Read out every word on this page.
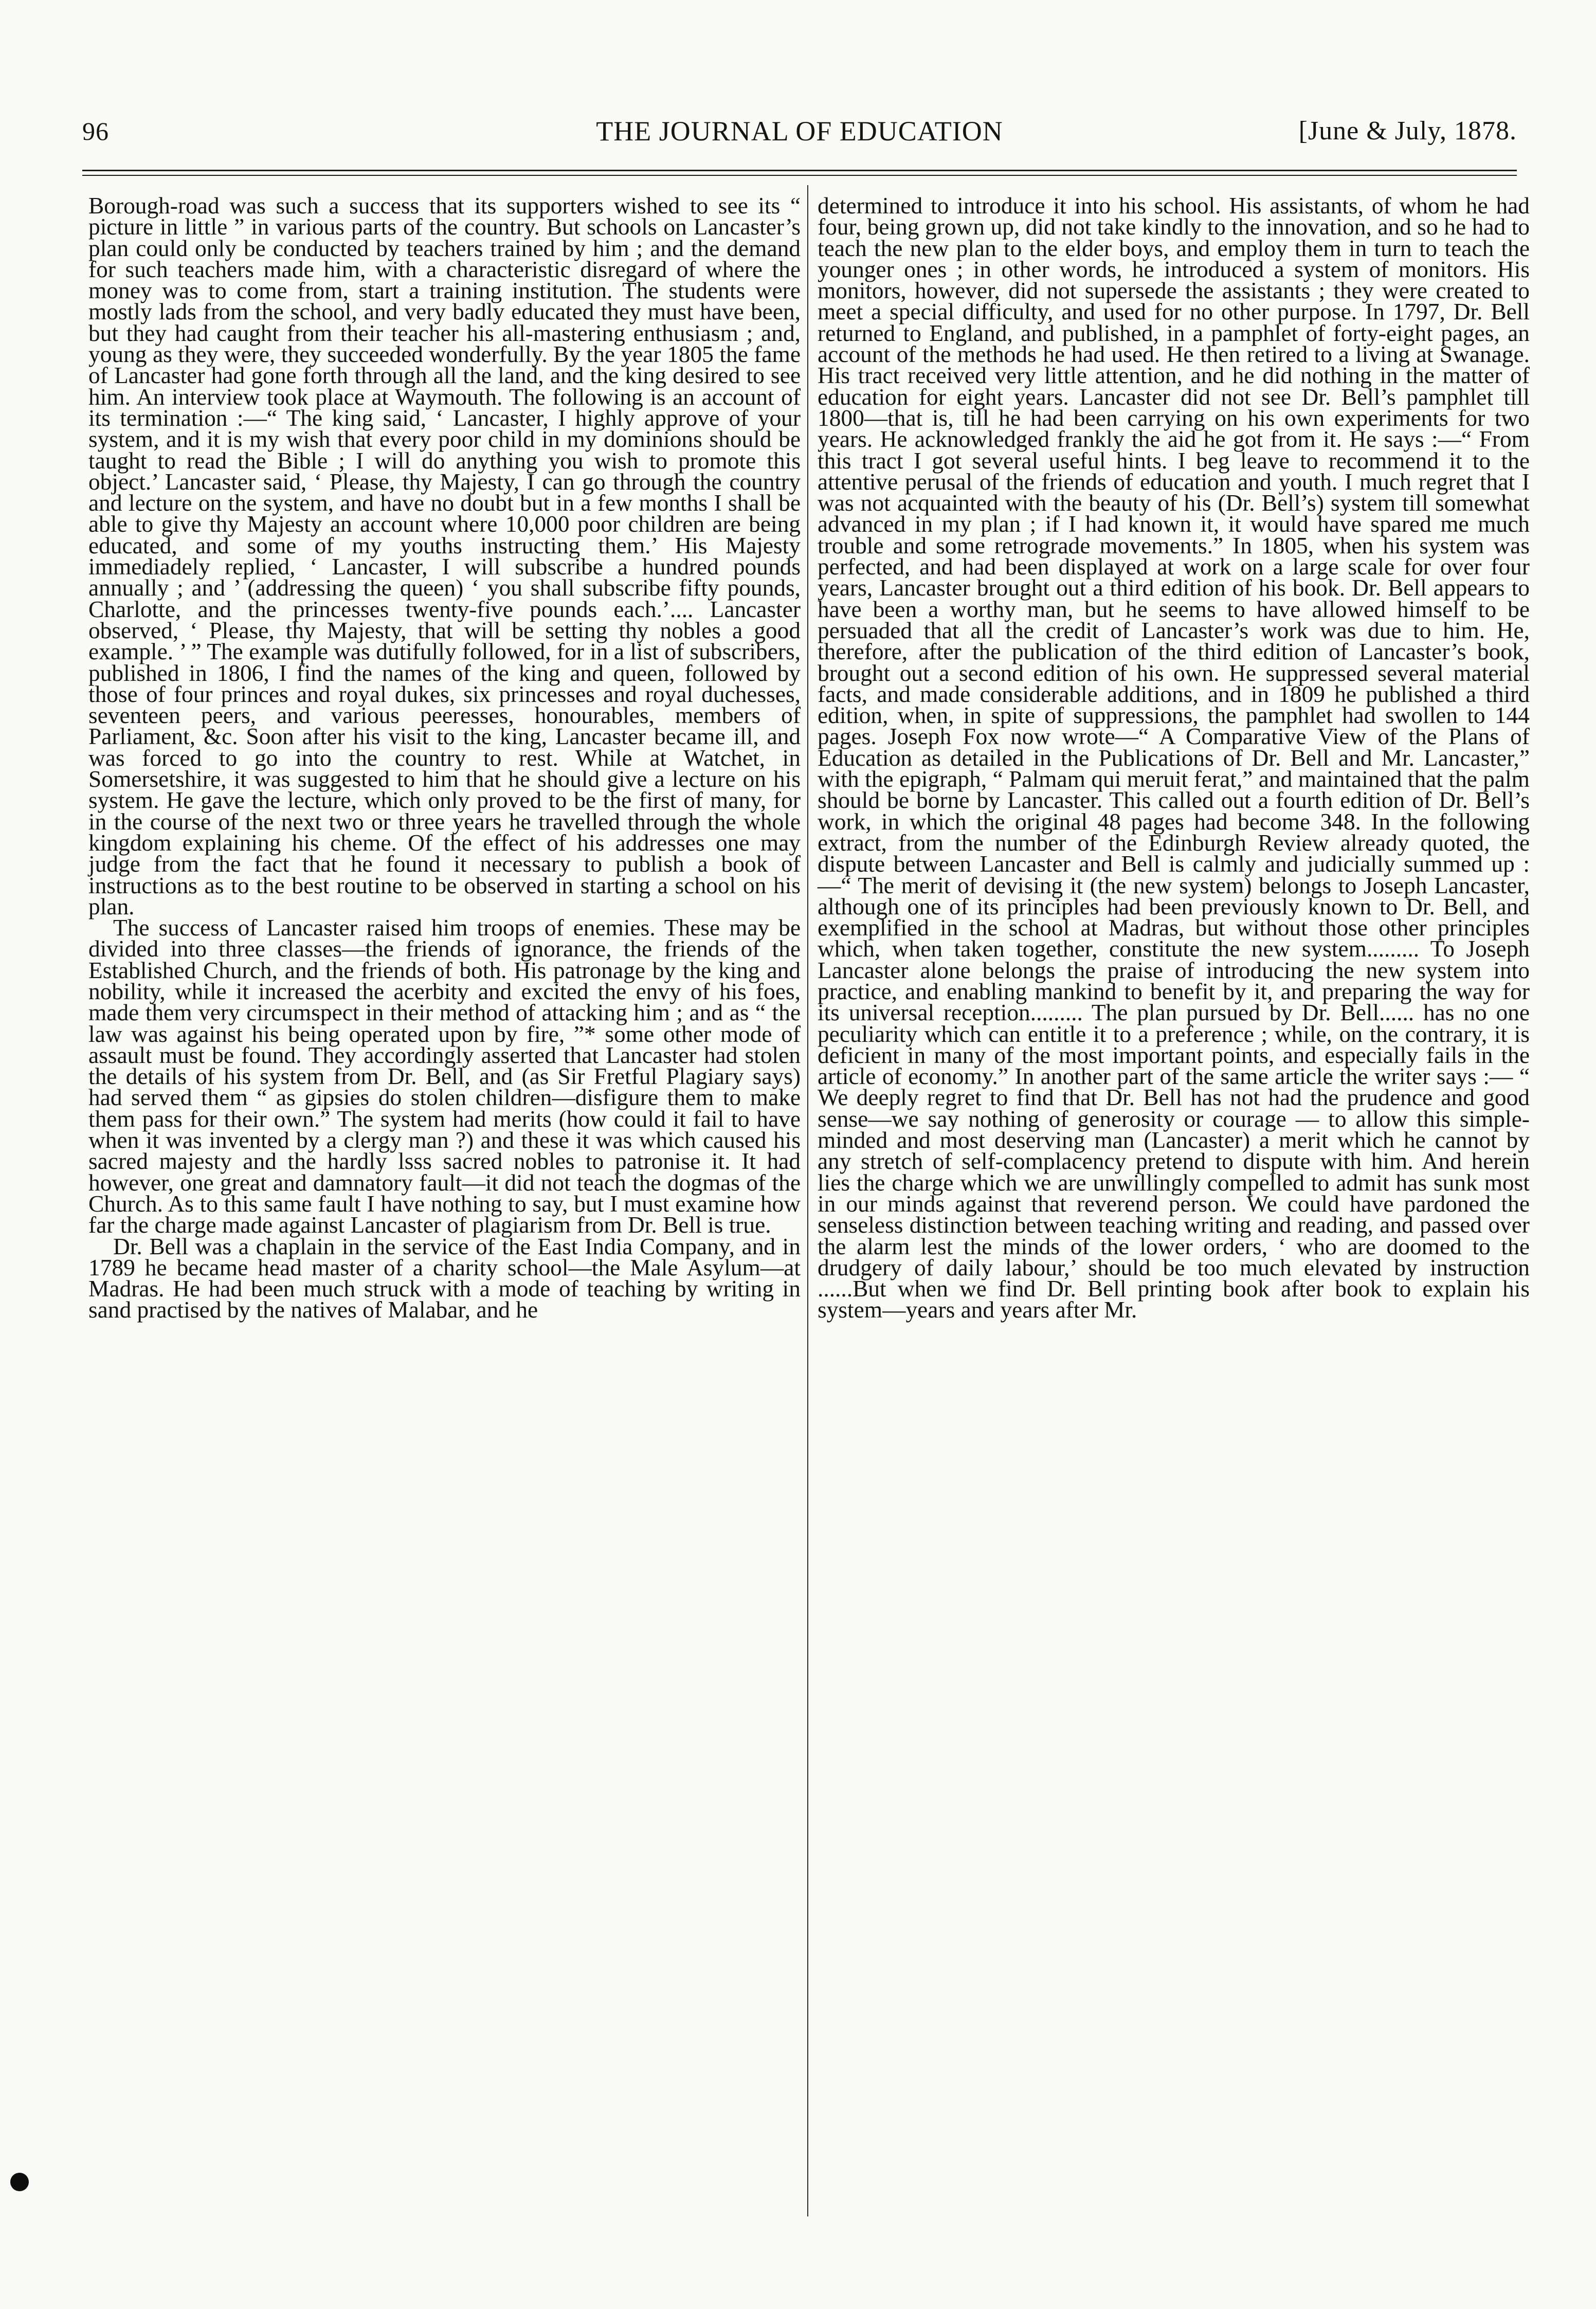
96	THE JOURNAL OF EDUCATION	[June & July, 1878.

Borough-road was such a success that its supporters wished to see its “ picture in little ” in various parts of the country. But schools on Lancaster’s plan could only be conducted by teachers trained by him ; and the demand for such teachers made him, with a characteristic disregard of where the money was to come from, start a training institution. The students were mostly lads from the school, and very badly educated they must have been, but they had caught from their teacher his all-mastering enthusiasm ; and, young as they were, they succeeded wonderfully. By the year 1805 the fame of Lancaster had gone forth through all the land, and the king desired to see him. An interview took place at Waymouth. The following is an account of its termination :—“ The king said, ‘ Lancaster, I highly approve of your system, and it is my wish that every poor child in my dominions should be taught to read the Bible ; I will do anything you wish to promote this object.’ Lancaster said, ‘ Please, thy Majesty, I can go through the country and lecture on the system, and have no doubt but in a few months I shall be able to give thy Majesty an account where 10,000 poor children are being educated, and some of my youths instructing them.’ His Majesty immediadely replied, ‘ Lancaster, I will subscribe a hundred pounds annually ; and ’ (addressing the queen) ‘ you shall subscribe fifty pounds, Charlotte, and the princesses twenty-five pounds each.’.... Lancaster observed, ‘ Please, thy Majesty, that will be setting thy nobles a good example. ’ ” The example was dutifully followed, for in a list of subscribers, published in 1806, I find the names of the king and queen, followed by those of four princes and royal dukes, six princesses and royal duchesses, seventeen peers, and various peeresses, honourables, members of Parliament, &c. Soon after his visit to the king, Lancaster became ill, and was forced to go into the country to rest. While at Watchet, in Somersetshire, it was suggested to him that he should give a lecture on his system. He gave the lecture, which only proved to be the first of many, for in the course of the next two or three years he travelled through the whole kingdom explaining his cheme. Of the effect of his addresses one may judge from the fact that he found it necessary to publish a book of instructions as to the best routine to be observed in starting a school on his plan.

The success of Lancaster raised him troops of enemies. These may be divided into three classes—the friends of ignorance, the friends of the Established Church, and the friends of both. His patronage by the king and nobility, while it increased the acerbity and excited the envy of his foes, made them very circumspect in their method of attacking him ; and as “ the law was against his being operated upon by fire, ”* some other mode of assault must be found. They accordingly asserted that Lancaster had stolen the details of his system from Dr. Bell, and (as Sir Fretful Plagiary says) had served them “ as gipsies do stolen children—disfigure them to make them pass for their own.” The system had merits (how could it fail to have when it was invented by a clergy man ?) and these it was which caused his sacred majesty and the hardly lsss sacred nobles to patronise it. It had however, one great and damnatory fault—it did not teach the dogmas of the Church. As to this same fault I have nothing to say, but I must examine how far the charge made against Lancaster of plagiarism from Dr. Bell is true.

Dr. Bell was a chaplain in the service of the East India Company, and in 1789 he became head master of a charity school—the Male Asylum—at Madras. He had been much struck with a mode of teaching by writing in sand practised by the natives of Malabar, and he

determined to introduce it into his school. His assistants, of whom he had four, being grown up, did not take kindly to the innovation, and so he had to teach the new plan to the elder boys, and employ them in turn to teach the younger ones ; in other words, he introduced a system of monitors. His monitors, however, did not supersede the assistants ; they were created to meet a special difficulty, and used for no other purpose. In 1797, Dr. Bell returned to England, and published, in a pamphlet of forty-eight pages, an account of the methods he had used. He then retired to a living at Swanage. His tract received very little attention, and he did nothing in the matter of education for eight years. Lancaster did not see Dr. Bell’s pamphlet till 1800—that is, till he had been carrying on his own experiments for two years. He acknowledged frankly the aid he got from it. He says :—“ From this tract I got several useful hints. I beg leave to recommend it to the attentive perusal of the friends of education and youth. I much regret that I was not acquainted with the beauty of his (Dr. Bell’s) system till somewhat advanced in my plan ; if I had known it, it would have spared me much trouble and some retrograde movements.” In 1805, when his system was perfected, and had been displayed at work on a large scale for over four years, Lancaster brought out a third edition of his book. Dr. Bell appears to have been a worthy man, but he seems to have allowed himself to be persuaded that all the credit of Lancaster’s work was due to him. He, therefore, after the publication of the third edition of Lancaster’s book, brought out a second edition of his own. He suppressed several material facts, and made considerable additions, and in 1809 he published a third edition, when, in spite of suppressions, the pamphlet had swollen to 144 pages. Joseph Fox now wrote—“ A Comparative View of the Plans of Education as detailed in the Publications of Dr. Bell and Mr. Lancaster,” with the epigraph, “ Palmam qui meruit ferat,” and maintained that the palm should be borne by Lancaster. This called out a fourth edition of Dr. Bell’s work, in which the original 48 pages had become 348. In the following extract, from the number of the Edinburgh Review already quoted, the dispute between Lancaster and Bell is calmly and judicially summed up :—“ The merit of devising it (the new system) belongs to Joseph Lancaster, although one of its principles had been previously known to Dr. Bell, and exemplified in the school at Madras, but without those other principles which, when taken together, constitute the new system......... To Joseph Lancaster alone belongs the praise of introducing the new system into practice, and enabling mankind to benefit by it, and preparing the way for its universal reception......... The plan pursued by Dr. Bell...... has no one peculiarity which can entitle it to a preference ; while, on the contrary, it is deficient in many of the most important points, and especially fails in the article of economy.” In another part of the same article the writer says :— “ We deeply regret to find that Dr. Bell has not had the prudence and good sense—we say nothing of generosity or courage — to allow this simple-minded and most deserving man (Lancaster) a merit which he cannot by any stretch of self-complacency pretend to dispute with him. And herein lies the charge which we are unwillingly compelled to admit has sunk most in our minds against that reverend person. We could have pardoned the senseless distinction between teaching writing and reading, and passed over the alarm lest the minds of the lower orders, ‘ who are doomed to the drudgery of daily labour,’ should be too much elevated by instruction ......But when we find Dr. Bell printing book after book to explain his system—years and years after Mr.
